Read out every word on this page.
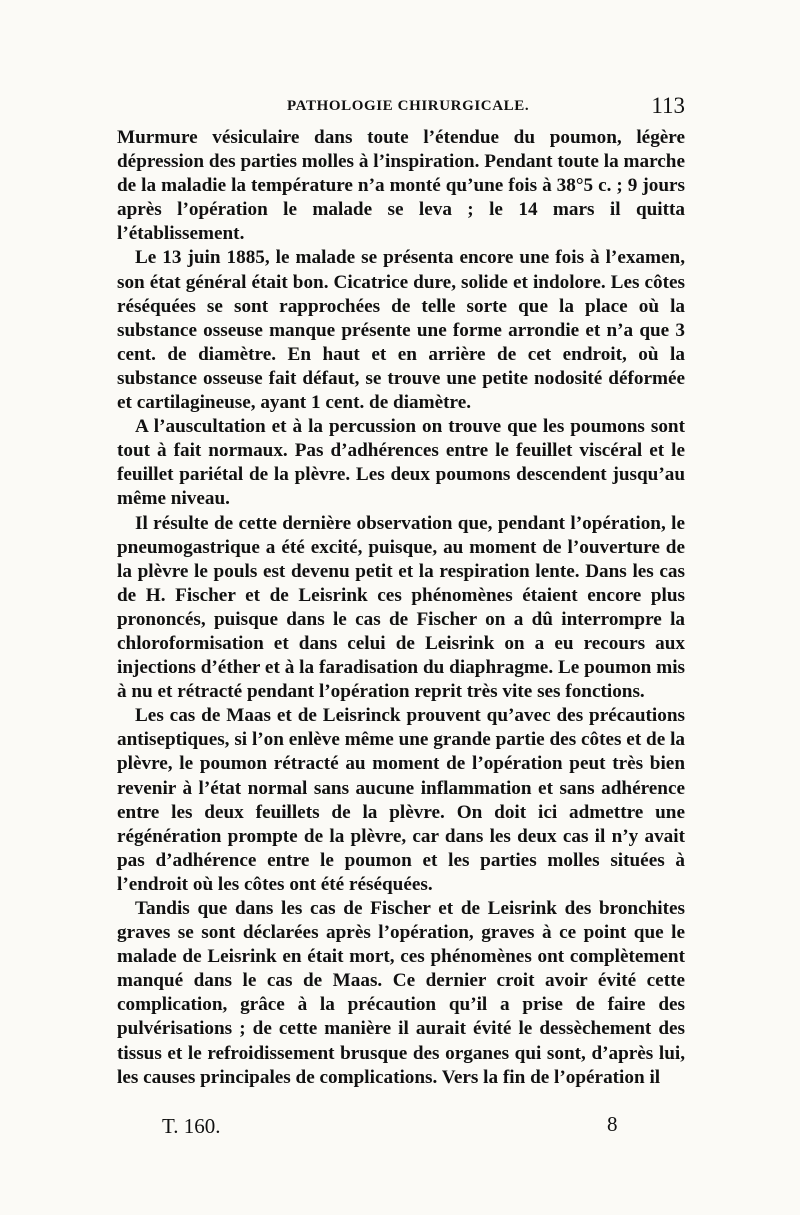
PATHOLOGIE CHIRURGICALE.	113

Murmure vésiculaire dans toute l’étendue du poumon, légère dépression des parties molles à l’inspiration. Pendant toute la marche de la maladie la température n’a monté qu’une fois à 38°5 c. ; 9 jours après l’opération le malade se leva ; le 14 mars il quitta l’établissement.

Le 13 juin 1885, le malade se présenta encore une fois à l’examen, son état général était bon. Cicatrice dure, solide et indolore. Les côtes réséquées se sont rapprochées de telle sorte que la place où la substance osseuse manque présente une forme arrondie et n’a que 3 cent. de diamètre. En haut et en arrière de cet endroit, où la substance osseuse fait défaut, se trouve une petite nodosité déformée et cartilagineuse, ayant 1 cent. de diamètre.

A l’auscultation et à la percussion on trouve que les poumons sont tout à fait normaux. Pas d’adhérences entre le feuillet viscéral et le feuillet pariétal de la plèvre. Les deux poumons descendent jusqu’au même niveau.

Il résulte de cette dernière observation que, pendant l’opération, le pneumogastrique a été excité, puisque, au moment de l’ouverture de la plèvre le pouls est devenu petit et la respiration lente. Dans les cas de H. Fischer et de Leisrink ces phénomènes étaient encore plus prononcés, puisque dans le cas de Fischer on a dû interrompre la chloroformisation et dans celui de Leisrink on a eu recours aux injections d’éther et à la faradisation du diaphragme. Le poumon mis à nu et rétracté pendant l’opération reprit très vite ses fonctions.

Les cas de Maas et de Leisrinck prouvent qu’avec des précautions antiseptiques, si l’on enlève même une grande partie des côtes et de la plèvre, le poumon rétracté au moment de l’opération peut très bien revenir à l’état normal sans aucune inflammation et sans adhérence entre les deux feuillets de la plèvre. On doit ici admettre une régénération prompte de la plèvre, car dans les deux cas il n’y avait pas d’adhérence entre le poumon et les parties molles situées à l’endroit où les côtes ont été réséquées.

Tandis que dans les cas de Fischer et de Leisrink des bronchites graves se sont déclarées après l’opération, graves à ce point que le malade de Leisrink en était mort, ces phénomènes ont complètement manqué dans le cas de Maas. Ce dernier croit avoir évité cette complication, grâce à la précaution qu’il a prise de faire des pulvérisations ; de cette manière il aurait évité le dessèchement des tissus et le refroidissement brusque des organes qui sont, d’après lui, les causes principales de complications. Vers la fin de l’opération il

T. 160.	8
